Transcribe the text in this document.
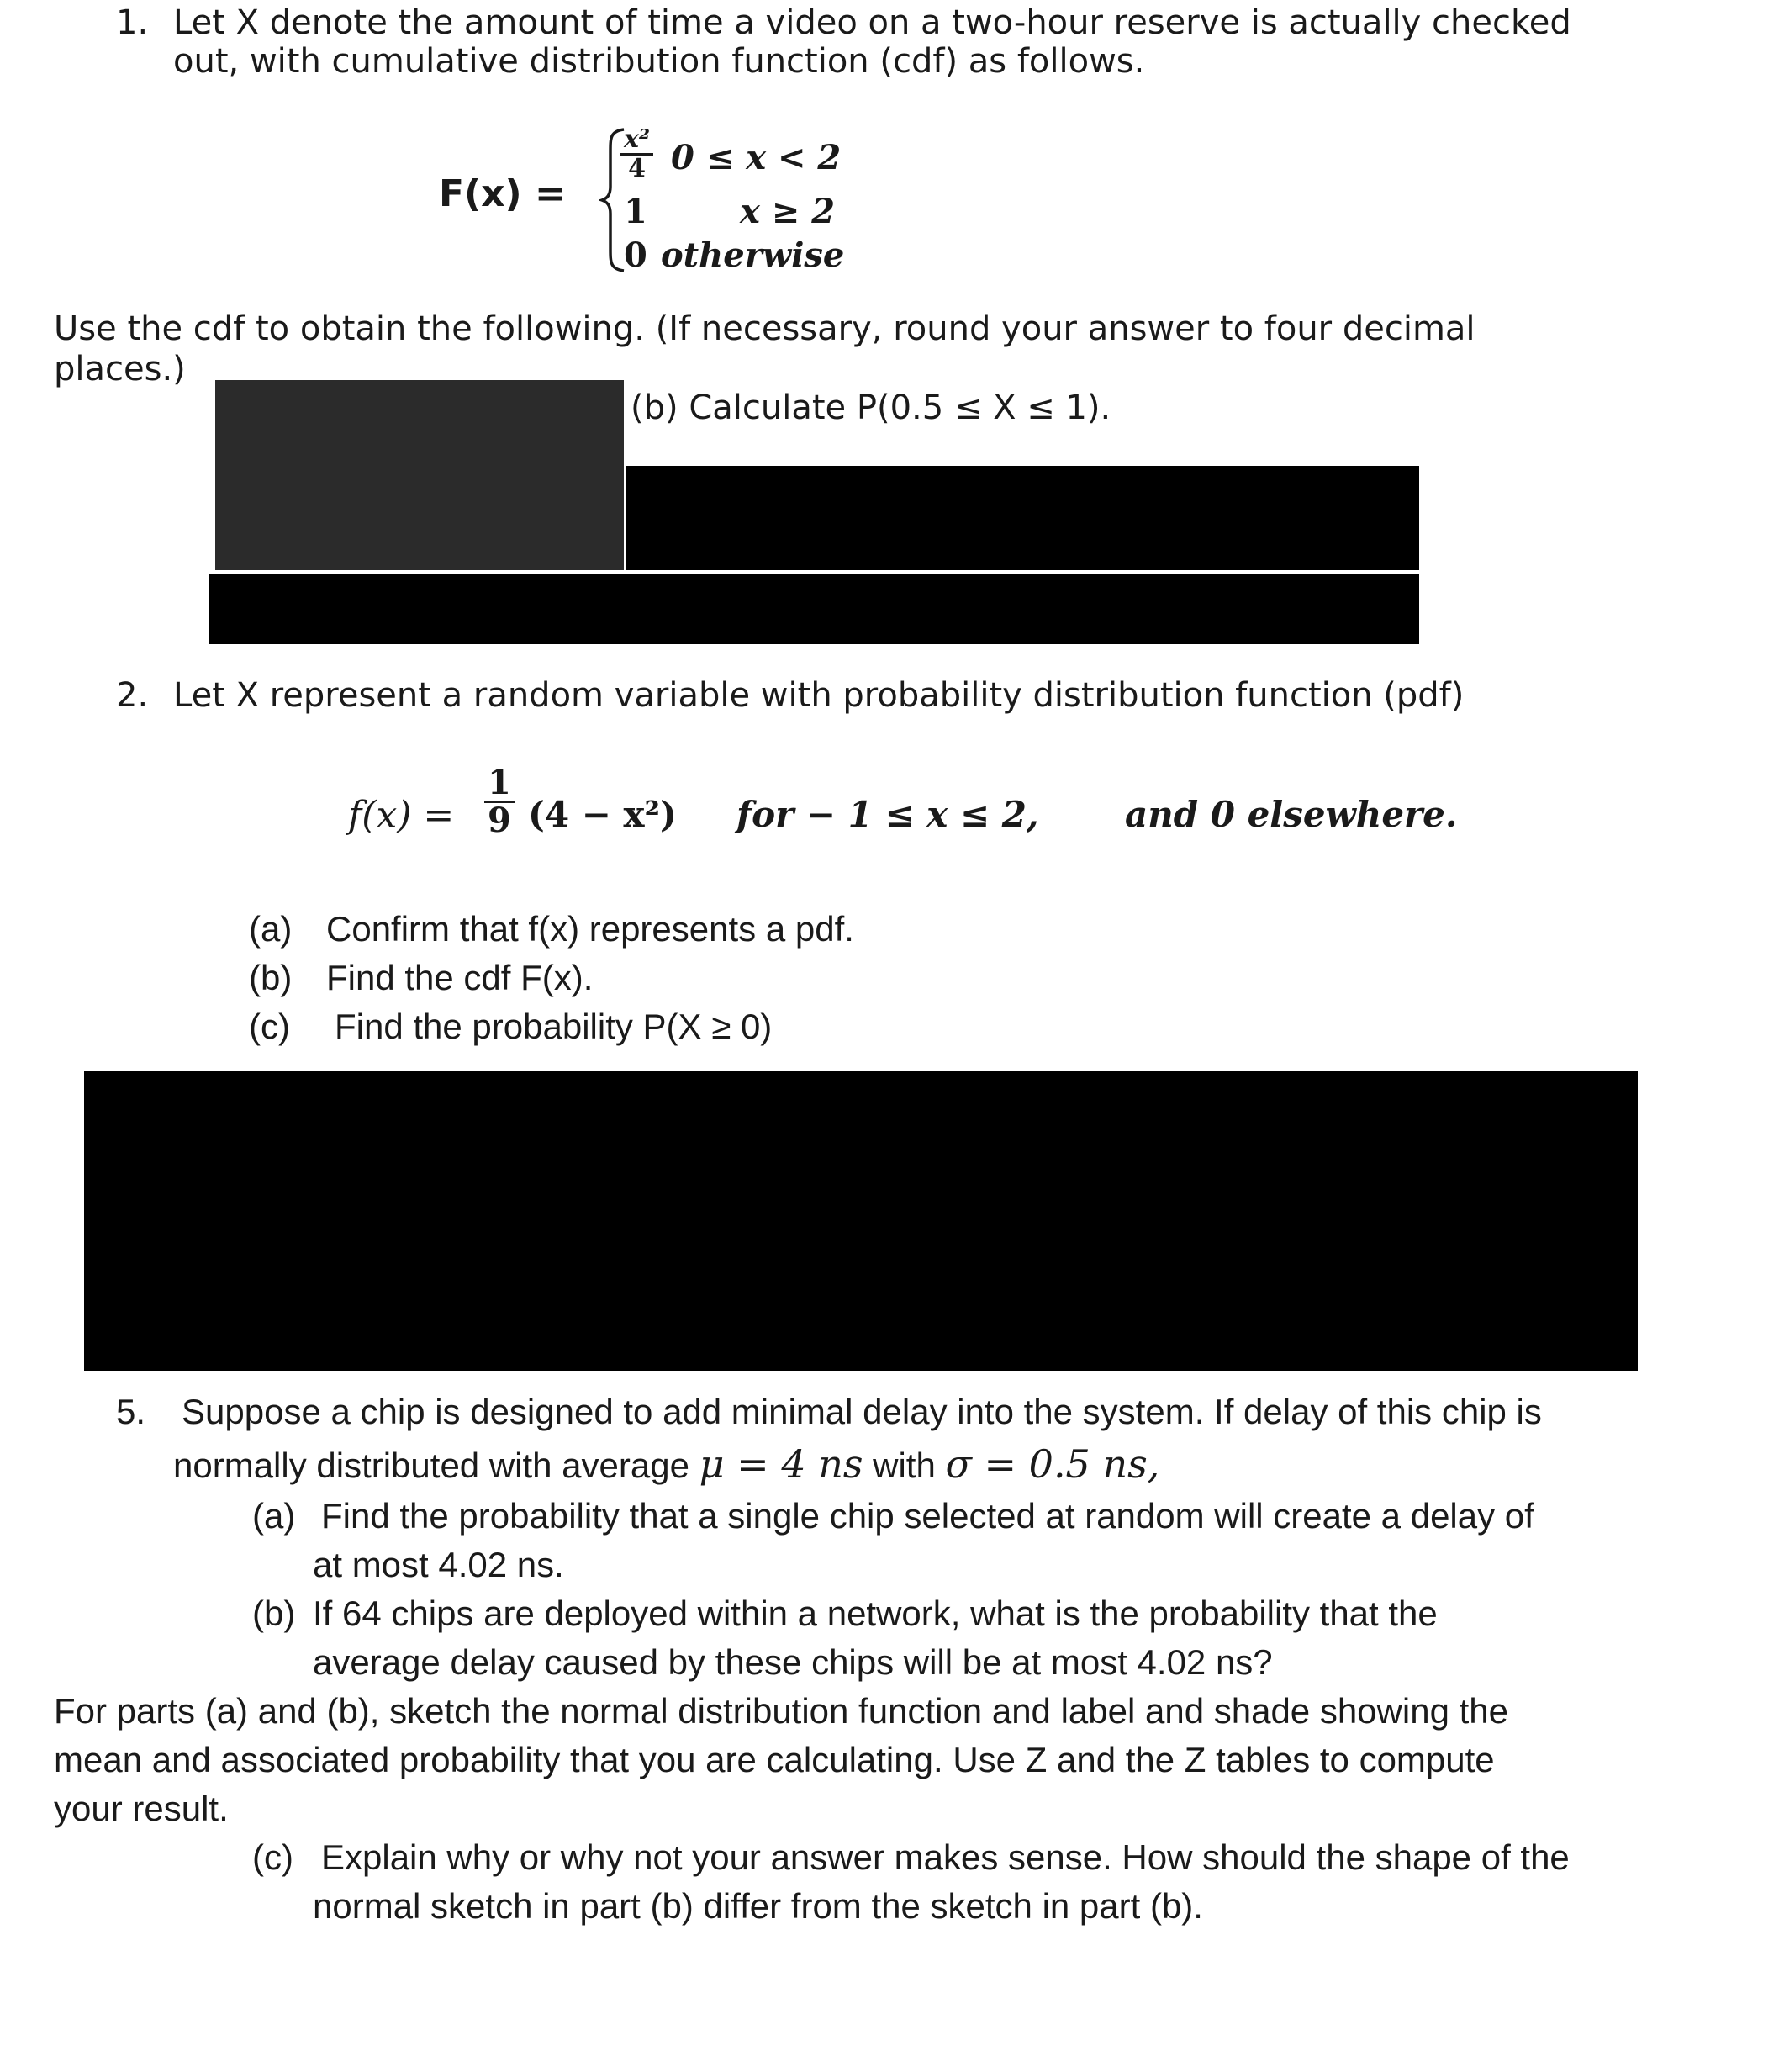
1. Let X denote the amount of time a video on a two-hour reserve is actually checked

out, with cumulative distribution function (cdf) as follows.

F(x) =

$\frac{\text{x²}}{4} 0 \le x < 2$

1	x ≥ 2

0 otherwise

Use the cdf to obtain the following. (If necessary, round your answer to four decimal

places.)

(b) Calculate P(0.5 ≤ X ≤ 1).

2. Let X represent a random variable with probability distribution function (pdf)

$f(x) = \frac{1}{9} (4 - x^2)$ for − 1 ≤ x ≤ 2, and 0 elsewhere.

(a) Confirm that f(x) represents a pdf.

(b) Find the cdf F(x).

(c) Find the probability P(X ≥ 0)

5. Suppose a chip is designed to add minimal delay into the system. If delay of this chip is

normally distributed with average μ = 4 ns with σ = 0.5 ns,

(a) Find the probability that a single chip selected at random will create a delay of

at most 4.02 ns.

(b) If 64 chips are deployed within a network, what is the probability that the

average delay caused by these chips will be at most 4.02 ns?

For parts (a) and (b), sketch the normal distribution function and label and shade showing the

mean and associated probability that you are calculating. Use Z and the Z tables to compute

your result.

(c) Explain why or why not your answer makes sense. How should the shape of the

normal sketch in part (b) differ from the sketch in part (b).
